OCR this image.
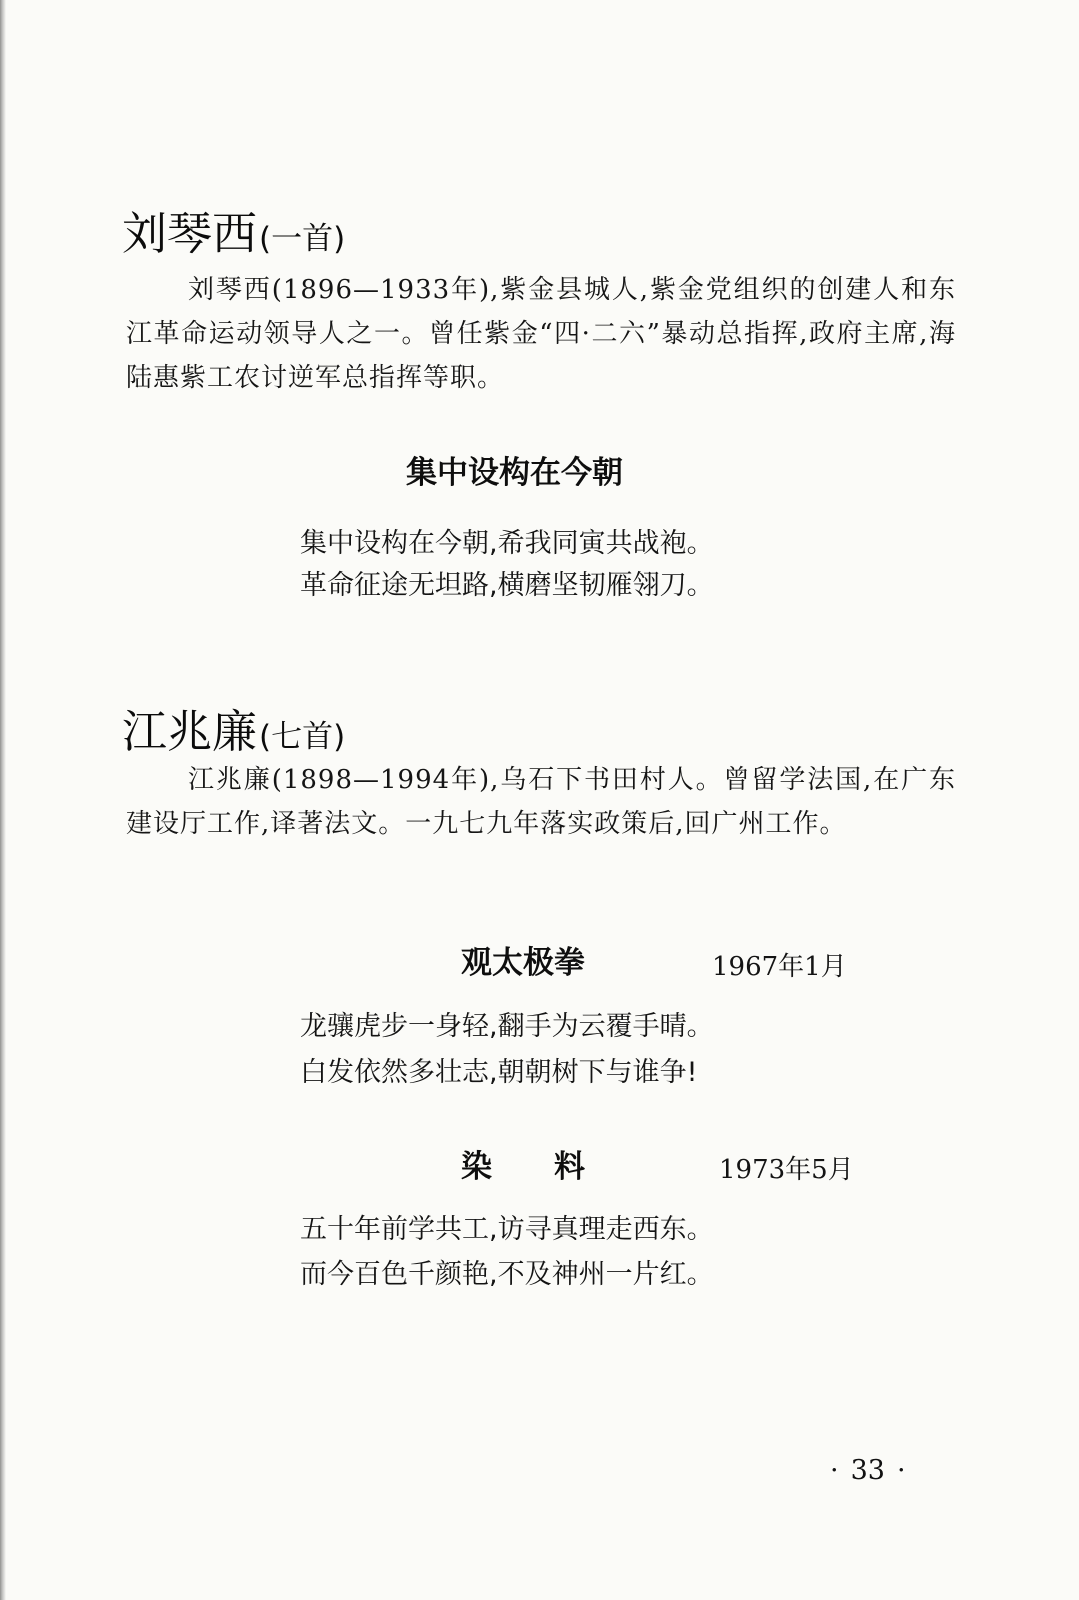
刘琴西(一首)

刘琴西(1896—1933年),紫金县城人,紫金党组织的创建人和东江革命运动领导人之一。曾任紫金“四·二六”暴动总指挥,政府主席,海陆惠紫工农讨逆军总指挥等职。

集中设构在今朝
集中设构在今朝,希我同寅共战袍。
革命征途无坦路,横磨坚韧雁翎刀。
江兆廉(七首)

江兆廉(1898—1994年),乌石下书田村人。曾留学法国,在广东建设厅工作,译著法文。一九七九年落实政策后,回广州工作。

观太极拳	1967年1月
龙骧虎步一身轻,翻手为云覆手晴。
白发依然多壮志,朝朝树下与谁争!
染　　料	1973年5月
五十年前学共工,访寻真理走西东。
而今百色千颜艳,不及神州一片红。
· 33 ·
